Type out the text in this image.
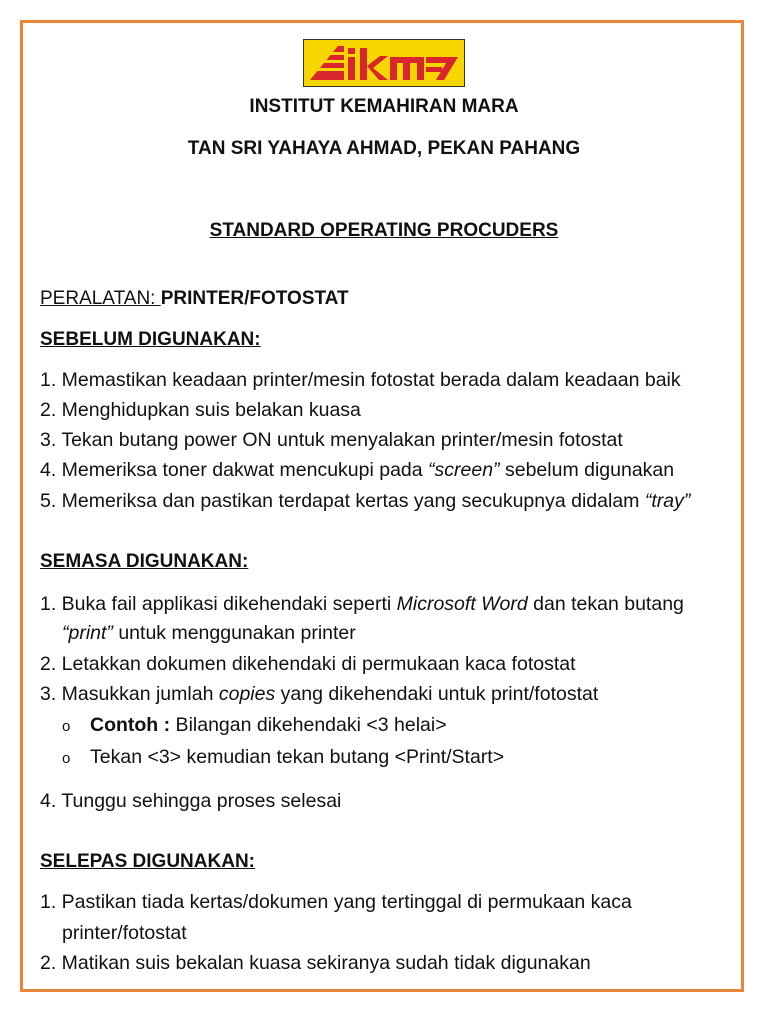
INSTITUT KEMAHIRAN MARA
TAN SRI YAHAYA AHMAD, PEKAN PAHANG
STANDARD OPERATING PROCUDERS
PERALATAN: PRINTER/FOTOSTAT
SEBELUM DIGUNAKAN:
1. Memastikan keadaan printer/mesin fotostat berada dalam keadaan baik
2. Menghidupkan suis belakan kuasa
3. Tekan butang power ON untuk menyalakan printer/mesin fotostat
4. Memeriksa toner dakwat mencukupi pada “screen” sebelum digunakan
5. Memeriksa dan pastikan terdapat kertas yang secukupnya didalam “tray”
SEMASA DIGUNAKAN:
1. Buka fail applikasi dikehendaki seperti Microsoft Word dan tekan butang
“print” untuk menggunakan printer
2. Letakkan dokumen dikehendaki di permukaan kaca fotostat
3. Masukkan jumlah copies yang dikehendaki untuk print/fotostat
o Contoh : Bilangan dikehendaki <3 helai>
o Tekan <3> kemudian tekan butang <Print/Start>
4. Tunggu sehingga proses selesai
SELEPAS DIGUNAKAN:
1. Pastikan tiada kertas/dokumen yang tertinggal di permukaan kaca
printer/fotostat
2. Matikan suis bekalan kuasa sekiranya sudah tidak digunakan
